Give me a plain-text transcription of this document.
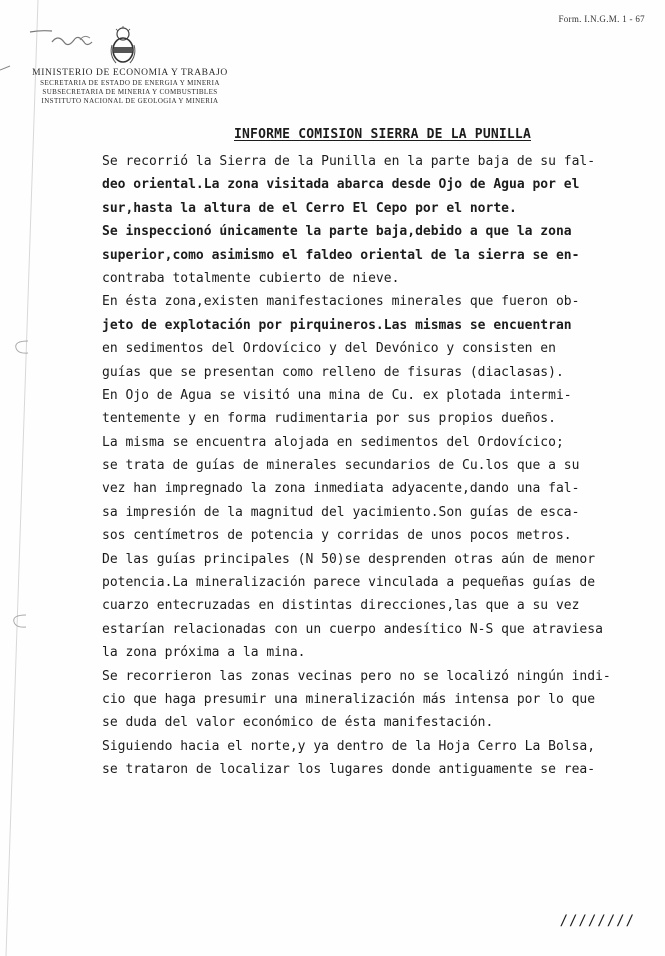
Form. I.N.G.M. 1 - 67
MINISTERIO DE ECONOMIA Y TRABAJO
SECRETARIA DE ESTADO DE ENERGIA Y MINERIA
SUBSECRETARIA DE MINERIA Y COMBUSTIBLES
INSTITUTO NACIONAL DE GEOLOGIA Y MINERIA
INFORME COMISION SIERRA DE LA PUNILLA
Se recorrió la Sierra de la Punilla en la parte baja de su fal-
deo oriental.La zona visitada abarca desde Ojo de Agua por el
sur,hasta la altura de el Cerro El Cepo por el norte.
Se inspeccionó únicamente la parte baja,debido a que la zona
superior,como asimismo el faldeo oriental de la sierra se en-
contraba totalmente cubierto de nieve.
En ésta zona,existen manifestaciones minerales que fueron ob-
jeto de explotación por pirquineros.Las mismas se encuentran
en sedimentos del Ordovícico y del Devónico y consisten en
guías que se presentan como relleno de fisuras (diaclasas).
En Ojo de Agua se visitó una mina de Cu. ex plotada intermi-
tentemente y en forma rudimentaria por sus propios dueños.
La misma se encuentra alojada en sedimentos del Ordovícico;
se trata de guías de minerales secundarios de Cu.los que a su
vez han impregnado la zona inmediata adyacente,dando una fal-
sa impresión de la magnitud del yacimiento.Son guías de esca-
sos centímetros de potencia y corridas de unos pocos metros.
De las guías principales (N 50)se desprenden otras aún de menor
potencia.La mineralización parece vinculada a pequeñas guías de
cuarzo entecruzadas en distintas direcciones,las que a su vez
estarían relacionadas con un cuerpo andesítico N-S que atraviesa
la zona próxima a la mina.
Se recorrieron las zonas vecinas pero no se localizó ningún indi-
cio que haga presumir una mineralización más intensa por lo que
se duda del valor económico de ésta manifestación.
Siguiendo hacia el norte,y ya dentro de la Hoja Cerro La Bolsa,
se trataron de localizar los lugares donde antiguamente se rea-
////////
